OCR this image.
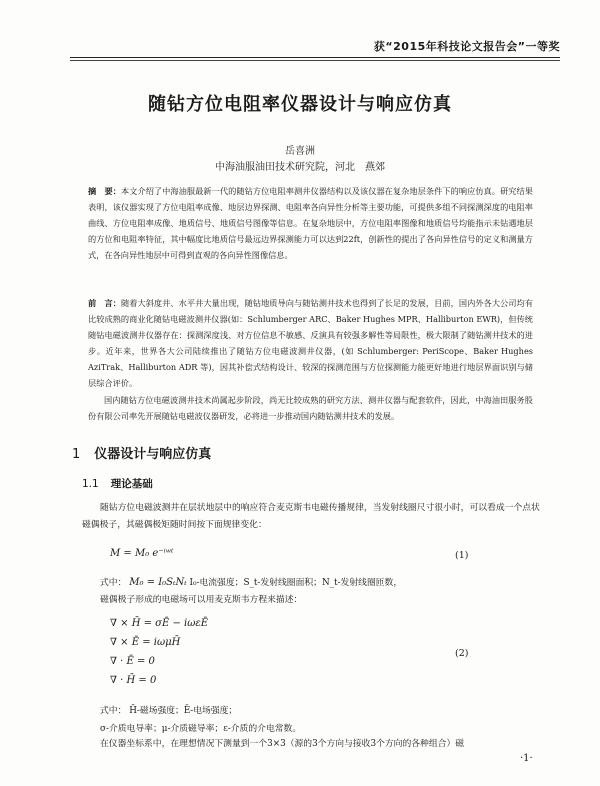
获“2015年科技论文报告会”一等奖
随钻方位电阻率仪器设计与响应仿真
岳喜洲
中海油服油田技术研究院，河北　燕郊

摘　要：本文介绍了中海油服最新一代的随钻方位电阻率测井仪器结构以及该仪器在复杂地层条件下的响应仿真。研究结果表明，该仪器实现了方位电阻率成像、地层边界探测、电阻率各向异性分析等主要功能，可提供多组不同探测深度的电阻率曲线、方位电阻率成像、地质信号、地质信号图像等信息。在复杂地层中，方位电阻率图像和地质信号均能指示未钻遇地层的方位和电阻率特征，其中幅度比地质信号最远边界探测能力可以达到22ft，创新性的提出了各向异性信号的定义和测量方式，在各向异性地层中可得到直观的各向异性图像信息。

前　言：随着大斜度井、水平井大量出现，随钻地质导向与随钻测井技术也得到了长足的发展，目前，国内外各大公司均有比较成熟的商业化随钻电磁波测井仪器(如：Schlumberger ARC、Baker Hughes MPR、Halliburton EWR)，但传统随钻电磁波测井仪器存在：探测深度浅、对方位信息不敏感、反演具有较强多解性等局限性，极大限制了随钻测井技术的进步。近年来，世界各大公司陆续推出了随钻方位电磁波测井仪器，(如 Schlumberger: PeriScope、Baker Hughes AziTrak、Halliburton ADR 等)，因其补偿式结构设计、较深的探测范围与方位探测能力能更好地进行地层界面识别与储层综合评价。

国内随钻方位电磁波测井技术尚属起步阶段，尚无比较成熟的研究方法、测井仪器与配套软件，因此，中海油田服务股份有限公司率先开展随钻电磁波仪器研发，必将进一步推动国内随钻测井技术的发展。

1 仪器设计与响应仿真
1.1 理论基础

随钻方位电磁波测井在层状地层中的响应符合麦克斯韦电磁传播规律，当发射线圈尺寸很小时，可以看成一个点状磁偶极子，其磁偶极矩随时间按下面规律变化：

M = M₀ e⁻ⁱʷᵗ	(1)
式中： M₀ = I₀SₜNₜ I₀-电流强度；S_t-发射线圈面积；N_t-发射线圈匝数，

磁偶极子形成的电磁场可以用麦克斯韦方程来描述：

∇ × H̄ = σĒ − iωεĒ
∇ × Ē = iωμH̄
∇ · Ē = 0
∇ · H̄ = 0
(2)
式中： H̄-磁场强度；Ē-电场强度；
σ-介质电导率；μ-介质磁导率；ε-介质的介电常数。

在仪器坐标系中，在理想情况下测量到一个3×3（源的3个方向与接收3个方向的各种组合）磁

·1·
